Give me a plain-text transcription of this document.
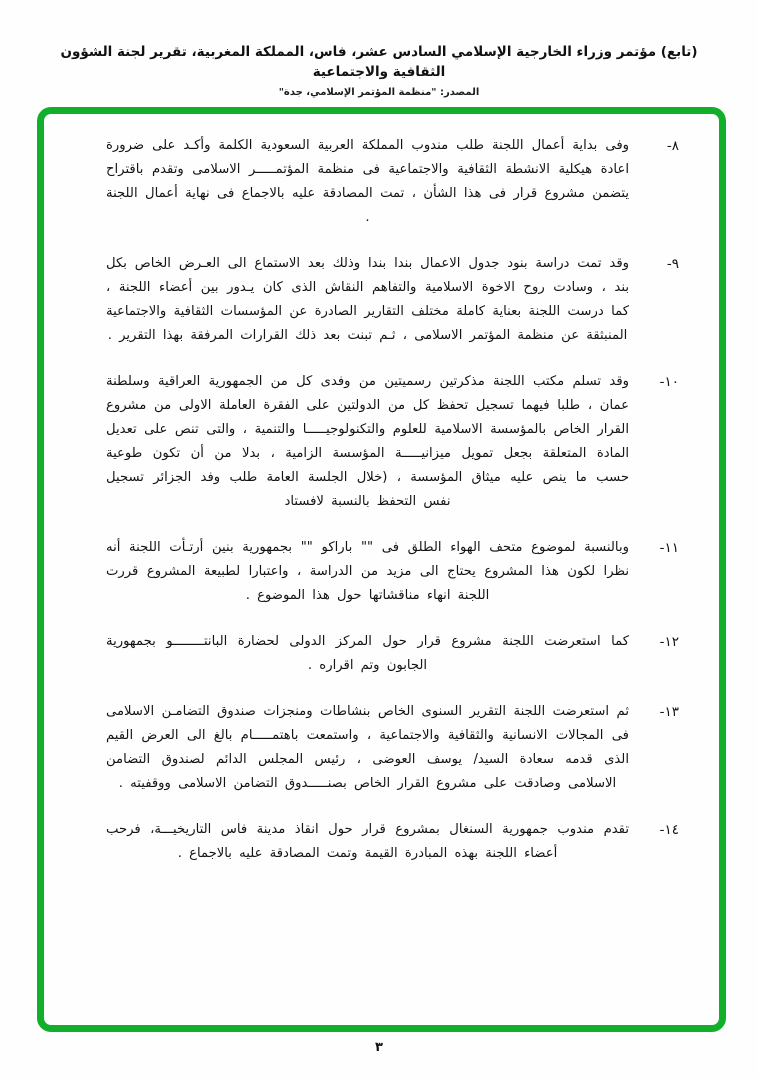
(تابع) مؤتمر وزراء الخارجية الإسلامي السادس عشر، فاس، المملكة المغربية، تقرير لجنة الشؤون الثقافية والاجتماعية
المصدر: "منظمة المؤتمر الإسلامي، جدة"
٨-
وفى بداية أعمال اللجنة طلب مندوب المملكة العربية السعودية الكلمة وأكـد على ضرورة اعادة هيكلية الانشطة الثقافية والاجتماعية فى منظمة المؤتمـــــر الاسلامى وتقدم باقتراح يتضمن مشروع قرار فى هذا الشأن ، تمت المصادقة عليه بالاجماع فى نهاية أعمال اللجنة .
٩-
وقد تمت دراسة بنود جدول الاعمال بندا بندا وذلك بعد الاستماع الى العـرض الخاص بكل بند ، وسادت روح الاخوة الاسلامية والتفاهم النقاش الذى كان يـدور بين أعضاء اللجنة ، كما درست اللجنة بعناية كاملة مختلف التقارير الصادرة عن المؤسسات الثقافية والاجتماعية المنبثقة عن منظمة المؤتمر الاسلامى ، ثـم تبنت بعد ذلك القرارات المرفقة بهذا التقرير .
١٠-
وقد تسلم مكتب اللجنة مذكرتين رسميتين من وفدى كل من الجمهورية العراقية وسلطنة عمان ، طلبا فيهما تسجيل تحفظ كل من الدولتين على الفقرة العاملة الاولى من مشروع القرار الخاص بالمؤسسة الاسلامية للعلوم والتكنولوجيـــــا والتنمية ، والتى تنص على تعديل المادة المتعلقة بجعل تمويل ميزانيـــــة المؤسسة الزامية ، بدلا من أن تكون طوعية حسب ما ينص عليه ميثاق المؤسسة ، (خلال الجلسة العامة طلب وفد الجزائر تسجيل نفس التحفظ بالنسبة لافستاد
١١-
وبالنسبة لموضوع متحف الهواء الطلق فى "" باراكو "" بجمهورية بنين أرتـأت اللجنة أنه نظرا لكون هذا المشروع يحتاج الى مزيد من الدراسة ، واعتبارا لطبيعة المشروع قررت اللجنة انهاء مناقشاتها حول هذا الموضوع .
١٢-
كما استعرضت اللجنة مشروع قرار حول المركز الدولى لحضارة البانتــــــــو بجمهورية الجابون وتم اقراره .
١٣-
ثم استعرضت اللجنة التقرير السنوى الخاص بنشاطات ومنجزات صندوق التضامـن الاسلامى فى المجالات الانسانية والثقافية والاجتماعية ، واستمعت باهتمـــــام بالغ الى العرض القيم الذى قدمه سعادة السيد/ يوسف العوضى ، رئيس المجلس الدائم لصندوق التضامن الاسلامى وصادقت على مشروع القرار الخاص بصنـــــدوق التضامن الاسلامى ووقفيته .
١٤-
تقدم مندوب جمهورية السنغال بمشروع قرار حول انقاذ مدينة فاس التاريخيـــة، فرحب أعضاء اللجنة بهذه المبادرة القيمة وتمت المصادقة عليه بالاجماع .
٣
